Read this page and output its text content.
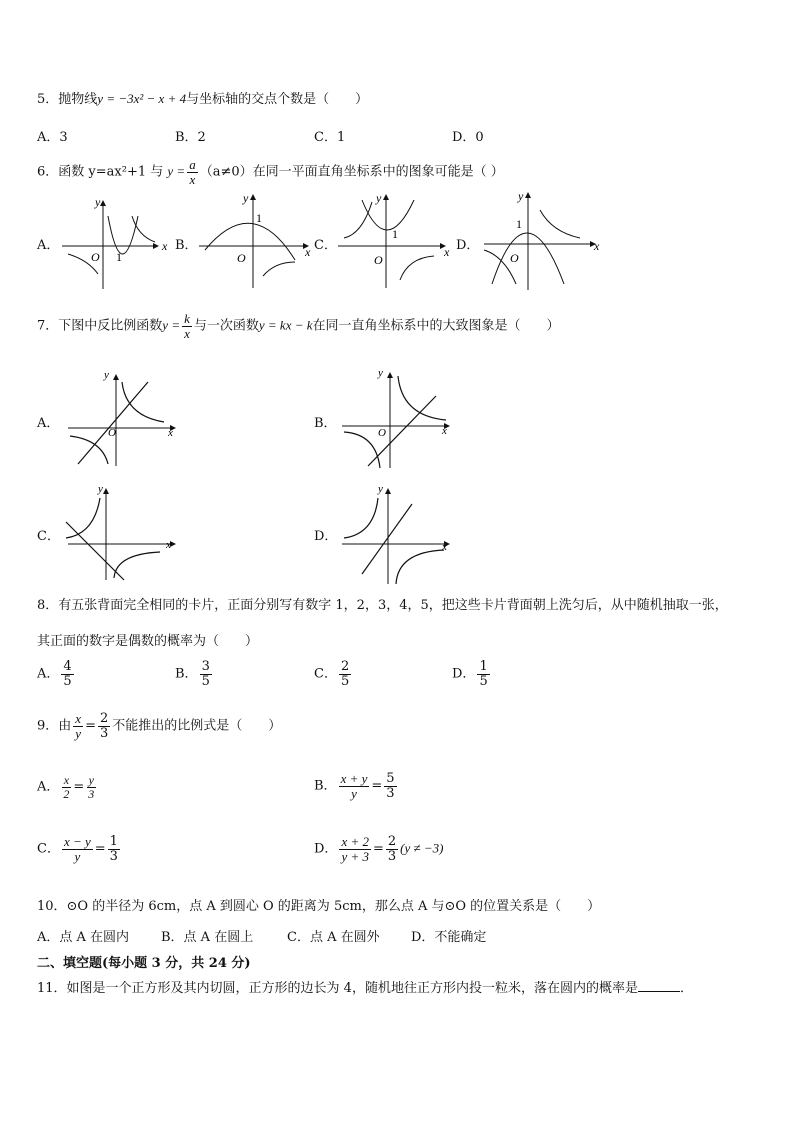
5．抛物线y = −3x² − x + 4与坐标轴的交点个数是（　　）
A．3	B．2	C．1	D．0
6．函数 y=ax²+1 与 $y = \frac{a}{x} (a\ne 0)$在同一平面直角坐标系中的图象可能是（ ）
A．	x
y
O 1
B．	x
y
O
1
C．	x
y
O
1
D．	x
y
O
1
7．下图中反比例函数$y = \frac{k}{x}$ 与一次函数y = kx − k在同一直角坐标系中的大致图象是（　　）
A．
x
y
O
B．	x
y
O
C．
x
y
D．
x
y
8．有五张背面完全相同的卡片，正面分别写有数字 1，2，3，4，5，把这些卡片背面朝上洗匀后，从中随机抽取一张，
其正面的数字是偶数的概率为（　　）
A． $\frac{4}{5}$	B． $\frac{3}{5}$	C． $\frac{2}{5}$	D． $\frac{1}{5}$
9．由 $\frac{x}{y} = \frac{2}{3}$ 不能推出的比例式是（　　）
A． $\frac{x}{2} = \frac{y}{3}$	B． $\frac{x + y}{y} = \frac{5}{3}$
C． $\frac{x - y}{y} = \frac{1}{3}$	D． $\frac{x + 2}{y + 3} = \frac{2}{3} (y \ne -3)$
10．⊙O 的半径为 6cm，点 A 到圆心 O 的距离为 5cm，那么点 A 与⊙O 的位置关系是（　　）
A．点 A 在圆内 B．点 A 在圆上	C．点 A 在圆外 D．不能确定
二、填空题(每小题 3 分，共 24 分)
11．如图是一个正方形及其内切圆，正方形的边长为 4，随机地往正方形内投一粒米，落在圆内的概率是	．
